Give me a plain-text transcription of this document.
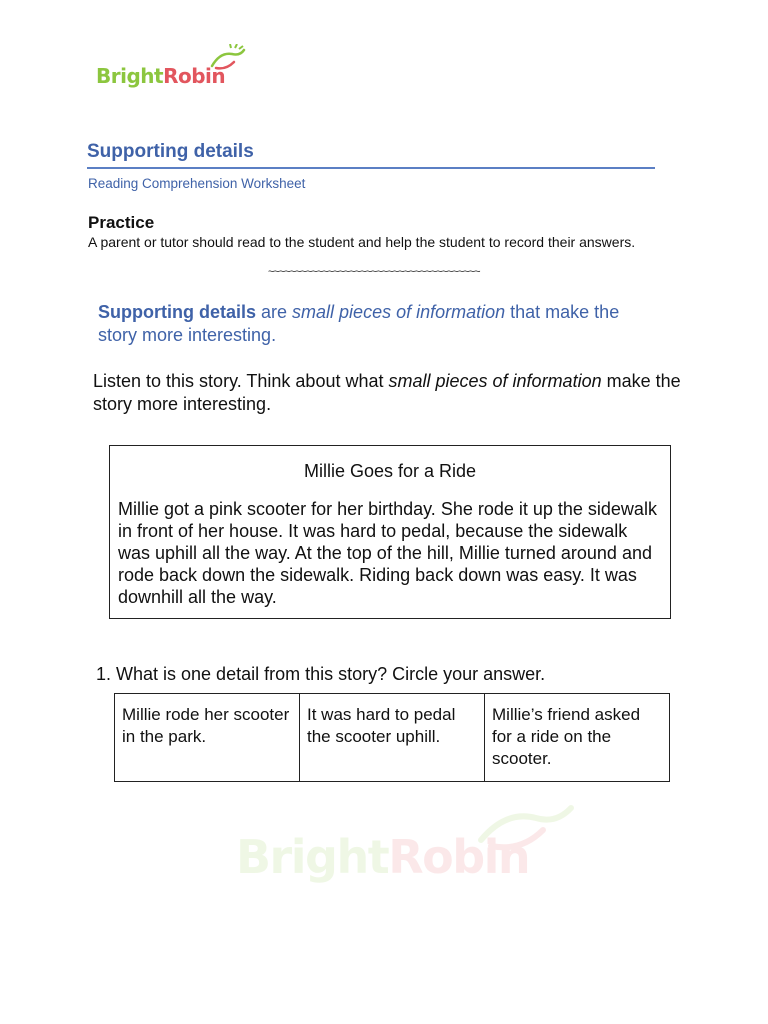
BrightRobin
Supporting details
Reading Comprehension Worksheet
Practice
A parent or tutor should read to the student and help the student to record their answers.
~~~~~~~~~~~~~~~~~~~~~~~~~~~~~~~~~~~~~~~
Supporting details are small pieces of information that make the story more interesting.
Listen to this story. Think about what small pieces of information make the story more interesting.
Millie Goes for a Ride
Millie got a pink scooter for her birthday. She rode it up the sidewalk in front of her house. It was hard to pedal, because the sidewalk was uphill all the way. At the top of the hill, Millie turned around and rode back down the sidewalk. Riding back down was easy. It was downhill all the way.
1. What is one detail from this story? Circle your answer.
Millie rode her scooter in the park.	It was hard to pedal the scooter uphill.	Millie’s friend asked for a ride on the scooter.
BrightRobin
